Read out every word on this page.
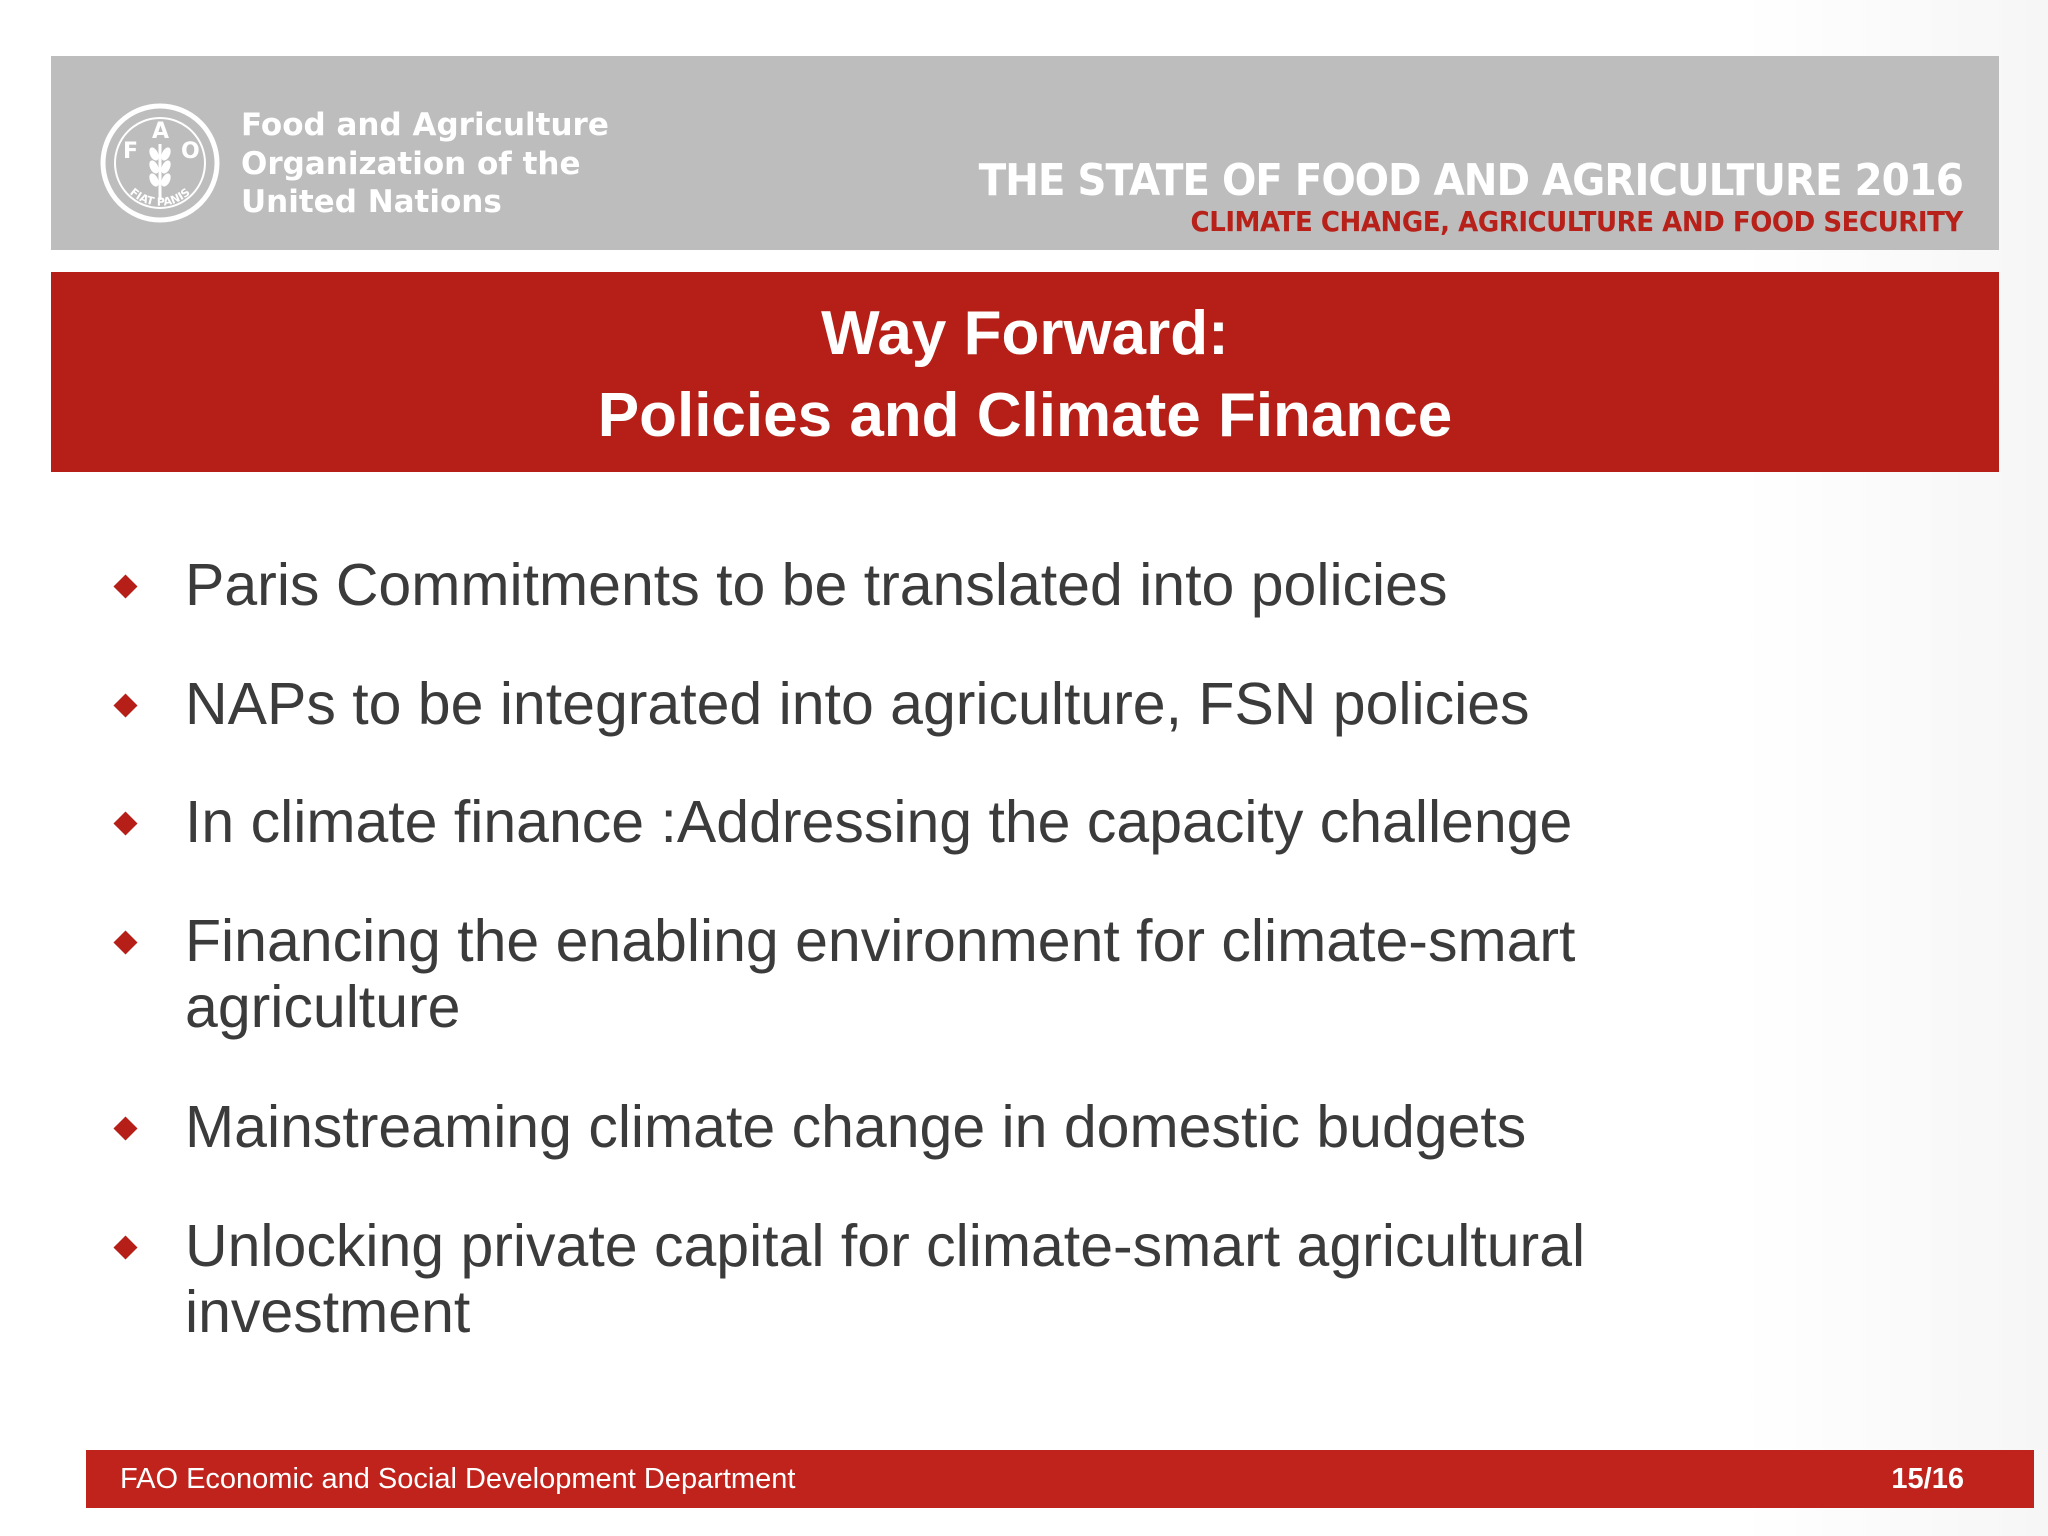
F
A
O
FIAT PANIS
Food and Agriculture
Organization of the
United Nations	THE STATE OF FOOD AND AGRICULTURE 2016
CLIMATE CHANGE, AGRICULTURE AND FOOD SECURITY
Way Forward:
Policies and Climate Finance
Paris Commitments to be translated into policies
NAPs to be integrated into agriculture, FSN policies
In climate finance :Addressing the capacity challenge
Financing the enabling environment for climate-smart agriculture
Mainstreaming climate change in domestic budgets
Unlocking private capital for climate-smart agricultural investment
FAO Economic and Social Development Department	15/16
